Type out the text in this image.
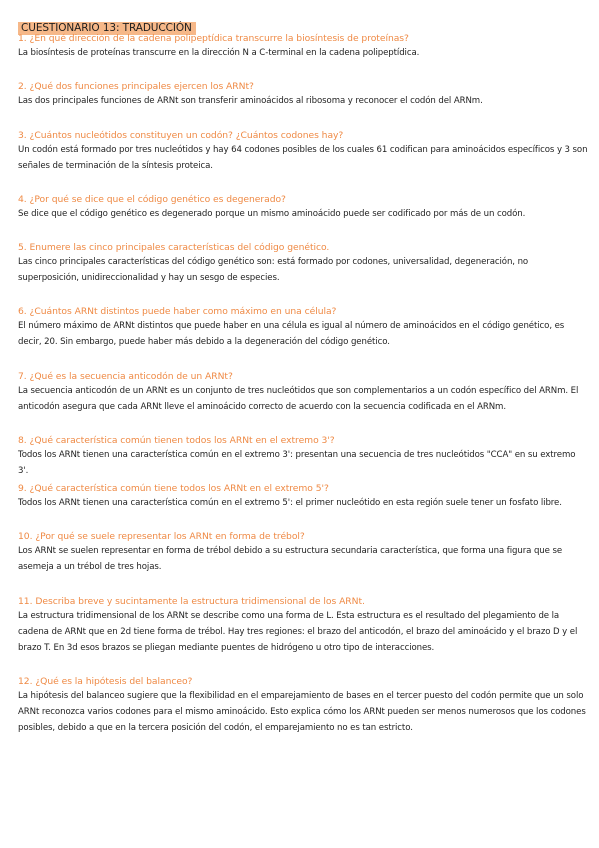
CUESTIONARIO 13: TRADUCCIÓN
1. ¿En qué dirección de la cadena polipeptídica transcurre la biosíntesis de proteínas?
La biosíntesis de proteínas transcurre en la dirección N a C-terminal en la cadena polipeptídica.
2. ¿Qué dos funciones principales ejercen los ARNt?
Las dos principales funciones de ARNt son transferir aminoácidos al ribosoma y reconocer el codón del ARNm.
3. ¿Cuántos nucleótidos constituyen un codón? ¿Cuántos codones hay?
Un codón está formado por tres nucleótidos y hay 64 codones posibles de los cuales 61 codifican para aminoácidos específicos y 3 son señales de terminación de la síntesis proteica.
4. ¿Por qué se dice que el código genético es degenerado?
Se dice que el código genético es degenerado porque un mismo aminoácido puede ser codificado por más de un codón.
5. Enumere las cinco principales características del código genético.
Las cinco principales características del código genético son: está formado por codones, universalidad, degeneración, no superposición, unidireccionalidad y hay un sesgo de especies.
6. ¿Cuántos ARNt distintos puede haber como máximo en una célula?
El número máximo de ARNt distintos que puede haber en una célula es igual al número de aminoácidos en el código genético, es decir, 20. Sin embargo, puede haber más debido a la degeneración del código genético.
7. ¿Qué es la secuencia anticodón de un ARNt?
La secuencia anticodón de un ARNt es un conjunto de tres nucleótidos que son complementarios a un codón específico del ARNm. El anticodón asegura que cada ARNt lleve el aminoácido correcto de acuerdo con la secuencia codificada en el ARNm.
8. ¿Qué característica común tienen todos los ARNt en el extremo 3'?
Todos los ARNt tienen una característica común en el extremo 3': presentan una secuencia de tres nucleótidos "CCA" en su extremo 3'.
9. ¿Qué característica común tiene todos los ARNt en el extremo 5'?
Todos los ARNt tienen una característica común en el extremo 5': el primer nucleótido en esta región suele tener un fosfato libre.
10. ¿Por qué se suele representar los ARNt en forma de trébol?
Los ARNt se suelen representar en forma de trébol debido a su estructura secundaria característica, que forma una figura que se asemeja a un trébol de tres hojas.
11. Describa breve y sucintamente la estructura tridimensional de los ARNt.
La estructura tridimensional de los ARNt se describe como una forma de L. Esta estructura es el resultado del plegamiento de la cadena de ARNt que en 2d tiene forma de trébol. Hay tres regiones: el brazo del anticodón, el brazo del aminoácido y el brazo D y el brazo T. En 3d esos brazos se pliegan mediante puentes de hidrógeno u otro tipo de interacciones.
12. ¿Qué es la hipótesis del balanceo?
La hipótesis del balanceo sugiere que la flexibilidad en el emparejamiento de bases en el tercer puesto del codón permite que un solo ARNt reconozca varios codones para el mismo aminoácido. Esto explica cómo los ARNt pueden ser menos numerosos que los codones posibles, debido a que en la tercera posición del codón, el emparejamiento no es tan estricto.
